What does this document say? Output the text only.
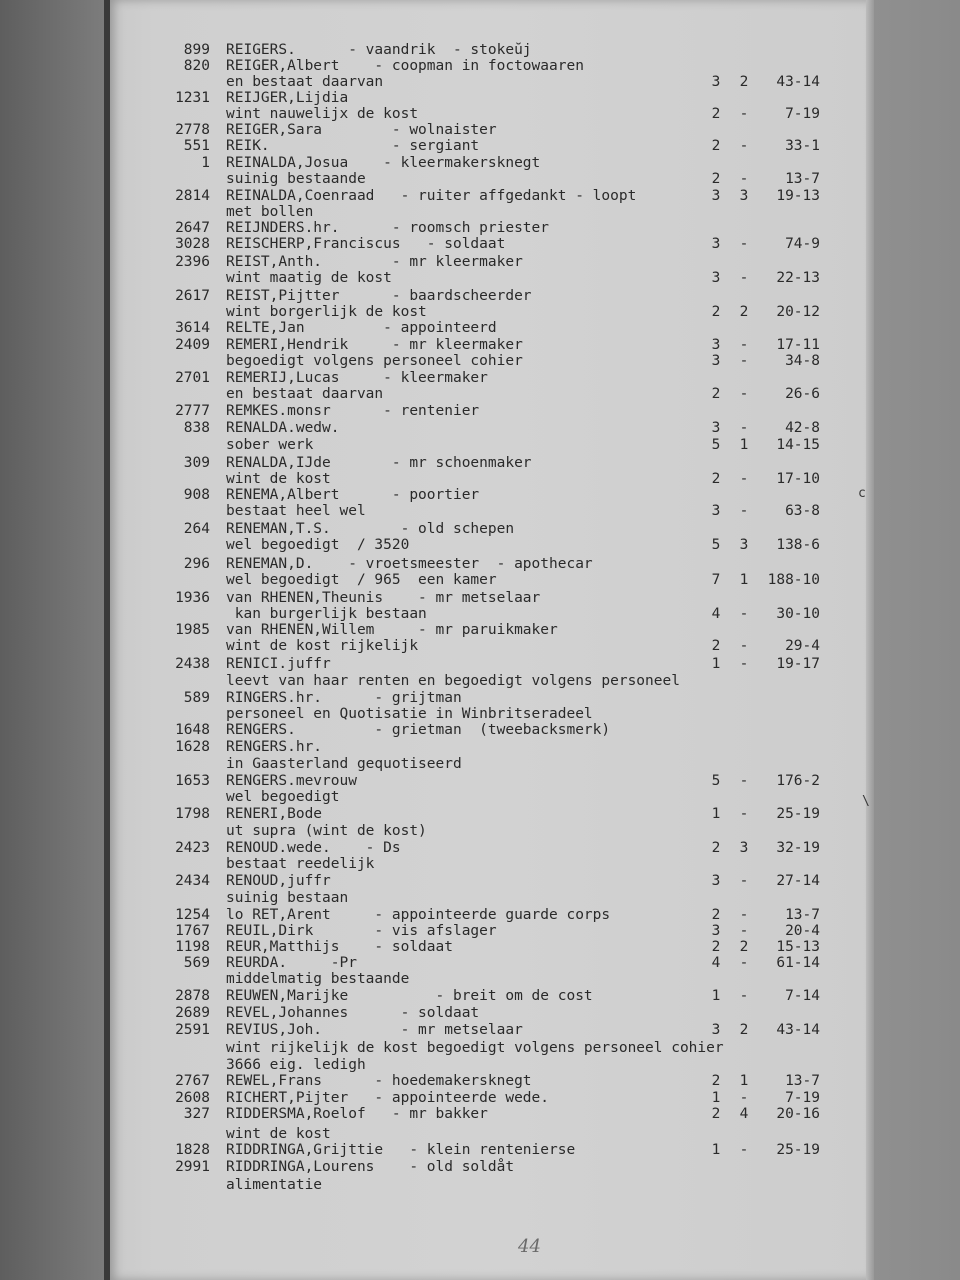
899 REIGERS.      - vaandrik  - stokeŭj
820 REIGER,Albert    - coopman in foctowaaren
en bestaat daarvan	3	2	43-14
1231 REIJGER,Lijdia
wint nauwelijx de kost	2	-	7-19
2778 REIGER,Sara        - wolnaister
551 REIK.              - sergiant	2	-	33-1
1 REINALDA,Josua    - kleermakersknegt
suinig bestaande	2	-	13-7
2814 REINALDA,Coenraad   - ruiter affgedankt - loopt	3	3	19-13
met bollen
2647 REIJNDERS.hr.      - roomsch priester
3028 REISCHERP,Franciscus   - soldaat	3	-	74-9
2396 REIST,Anth.        - mr kleermaker
wint maatig de kost	3	-	22-13
2617 REIST,Pijtter      - baardscheerder
wint borgerlijk de kost	2	2	20-12
3614 RELTE,Jan         - appointeerd
2409 REMERI,Hendrik     - mr kleermaker	3	-	17-11
begoedigt volgens personeel cohier	3	-	34-8
2701 REMERIJ,Lucas     - kleermaker
en bestaat daarvan	2	-	26-6
2777 REMKES.monsr      - rentenier
838 RENALDA.wedw.	3	-	42-8
sober werk	5	1	14-15
309 RENALDA,IJde       - mr schoenmaker
wint de kost	2	-	17-10
908 RENEMA,Albert      - poortier
bestaat heel wel	3	-	63-8
264 RENEMAN,T.S.        - old schepen
wel begoedigt  / 3520	5	3	138-6
296 RENEMAN,D.    - vroetsmeester  - apothecar
wel begoedigt  / 965  een kamer	7	1	188-10
1936 van RHENEN,Theunis    - mr metselaar
kan burgerlijk bestaan	4	-	30-10
1985 van RHENEN,Willem     - mr paruikmaker
wint de kost rijkelijk	2	-	29-4
2438 RENICI.juffr	1	-	19-17
leevt van haar renten en begoedigt volgens personeel
589 RINGERS.hr.      - grijtman
personeel en Quotisatie in Winbritseradeel
1648 RENGERS.         - grietman  (tweebacksmerk)
1628 RENGERS.hr.
in Gaasterland gequotiseerd
1653 RENGERS.mevrouw	5	-	176-2
wel begoedigt
1798 RENERI,Bode	1	-	25-19
ut supra (wint de kost)
2423 RENOUD.wede.    - Ds	2	3	32-19
bestaat reedelijk
2434 RENOUD,juffr	3	-	27-14
suinig bestaan
1254 lo RET,Arent     - appointeerde guarde corps	2	-	13-7
1767 REUIL,Dirk       - vis afslager	3	-	20-4
1198 REUR,Matthijs    - soldaat	2	2	15-13
569 REURDA.     -Pr	4	-	61-14
middelmatig bestaande
2878 REUWEN,Marijke          - breit om de cost	1	-	7-14
2689 REVEL,Johannes      - soldaat
2591 REVIUS,Joh.         - mr metselaar	3	2	43-14
wint rijkelijk de kost begoedigt volgens personeel cohier
3666 eig. ledigh
2767 REWEL,Frans      - hoedemakersknegt	2	1	13-7
2608 RICHERT,Pijter   - appointeerde wede.	1	-	7-19
327 RIDDERSMA,Roelof   - mr bakker	2	4	20-16
wint de kost
1828 RIDDRINGA,Grijttie   - klein rentenierse	1	-	25-19
2991 RIDDRINGA,Lourens    - old soldåt
alimentatie
c
\
44
